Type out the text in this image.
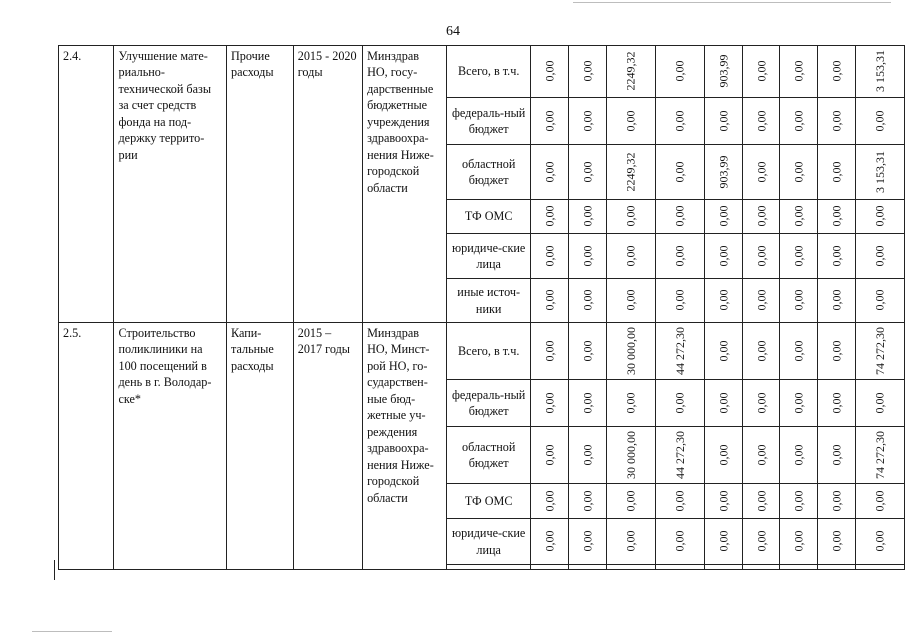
64
2.4.	Улучшение мате-риально-технической базы за счет средств фонда на под-держку террито-рии	Прочие расходы	2015 - 2020 годы	Минздрав НО, госу-дарственные бюджетные учреждения здравоохра-нения Ниже-городской области	Всего, в т.ч.	0,00	0,00	2249,32	0,00	903,99	0,00	0,00	0,00	3 153,31
					федераль-ный бюджет	0,00	0,00	0,00	0,00	0,00	0,00	0,00	0,00	0,00
					областной бюджет	0,00	0,00	2249,32	0,00	903,99	0,00	0,00	0,00	3 153,31
					ТФ ОМС	0,00	0,00	0,00	0,00	0,00	0,00	0,00	0,00	0,00
					юридиче-ские лица	0,00	0,00	0,00	0,00	0,00	0,00	0,00	0,00	0,00
					иные источ-ники	0,00	0,00	0,00	0,00	0,00	0,00	0,00	0,00	0,00
2.5.	Строительство поликлиники на 100 посещений в день в г. Володар-ске*	Капи-тальные расходы	2015 – 2017 годы	Минздрав НО, Минст-рой НО, го-сударствен-ные бюд-жетные уч-реждения здравоохра-нения Ниже-городской области	Всего, в т.ч.	0,00	0,00	30 000,00	44 272,30	0,00	0,00	0,00	0,00	74 272,30
					федераль-ный бюджет	0,00	0,00	0,00	0,00	0,00	0,00	0,00	0,00	0,00
					областной бюджет	0,00	0,00	30 000,00	44 272,30	0,00	0,00	0,00	0,00	74 272,30
					ТФ ОМС	0,00	0,00	0,00	0,00	0,00	0,00	0,00	0,00	0,00
					юридиче-ские лица	0,00	0,00	0,00	0,00	0,00	0,00	0,00	0,00	0,00
